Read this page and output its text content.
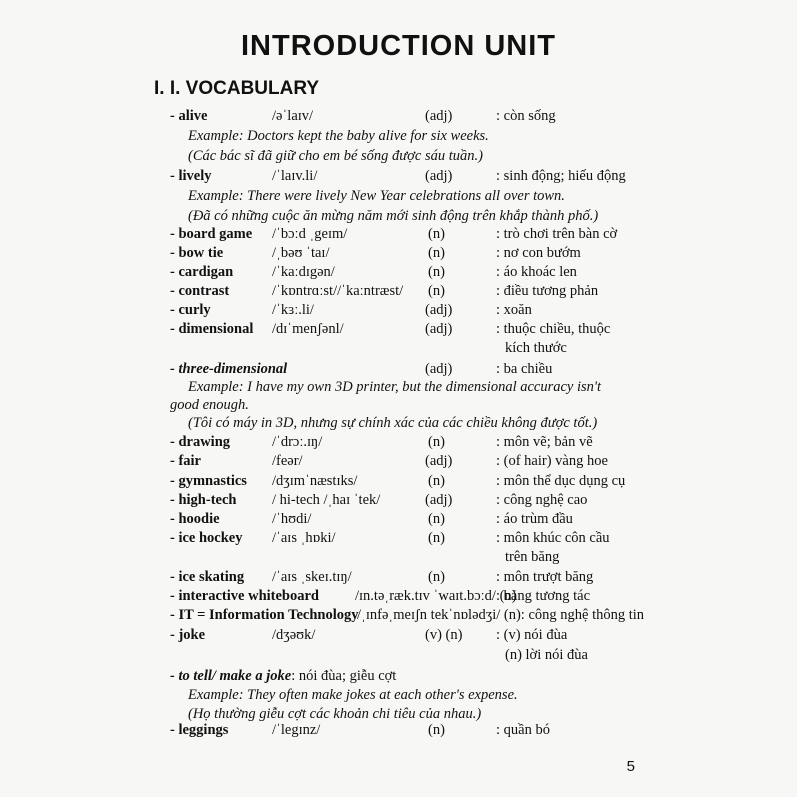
INTRODUCTION UNIT
I. I. VOCABULARY
- alive	/əˈlaɪv/	(adj)	: còn sống
Example: Doctors kept the baby alive for six weeks.
(Các bác sĩ đã giữ cho em bé sống được sáu tuần.)
- lively	/ˈlaɪv.li/	(adj)	: sinh động; hiếu động
Example: There were lively New Year celebrations all over town.
(Đã có những cuộc ăn mừng năm mới sinh động trên khắp thành phố.)
- board game /ˈbɔːd ˌgeɪm/	(n)	: trò chơi trên bàn cờ
- bow tie	/ˌbəʊ ˈtaɪ/	(n)	: nơ con bướm
- cardigan	/ˈkaːdɪgən/	(n)	: áo khoác len
- contrast	/ˈkɒntrɑːst//ˈkaːntræst/ (n)	: điều tương phản
- curly	/ˈkɜː.li/	(adj)	: xoăn
- dimensional /dɪˈmenʃənl/	(adj)	: thuộc chiều, thuộc
kích thước
- three-dimensional	(adj)	: ba chiều
Example: I have my own 3D printer, but the dimensional accuracy isn't
good enough.
(Tôi có máy in 3D, nhưng sự chính xác của các chiều không được tốt.)
- drawing	/ˈdrɔː.ɪŋ/	(n)	: môn vẽ; bản vẽ
- fair	/feər/	(adj)	: (of hair) vàng hoe
- gymnastics /dʒɪmˈnæstɪks/	(n)	: môn thể dục dụng cụ
- high-tech / hi-tech /ˌhaɪ ˈtek/	(adj)	: công nghệ cao
- hoodie	/ˈhʊdi/	(n)	: áo trùm đầu
- ice hockey /ˈaɪs ˌhɒki/	(n)	: môn khúc côn cầu
trên băng
- ice skating /ˈaɪs ˌskeɪ.tɪŋ/	(n)	: môn trượt băng
- interactive whiteboard /ɪn.təˌræk.tɪv ˈwaɪt.bɔːd/ (n)
: bảng tương tác
- IT = Information Technology
/ˌɪnfəˌmeɪʃn tekˈnɒlədʒi/ (n): công nghệ thông tin
- joke	/dʒəʊk/	(v) (n) : (v) nói đùa
(n) lời nói đùa
- to tell/ make a joke: nói đùa; giễu cợt
Example: They often make jokes at each other's expense.
(Họ thường giễu cợt các khoản chi tiêu của nhau.)
- leggings	/ˈlegɪnz/	(n)	: quần bó
5
